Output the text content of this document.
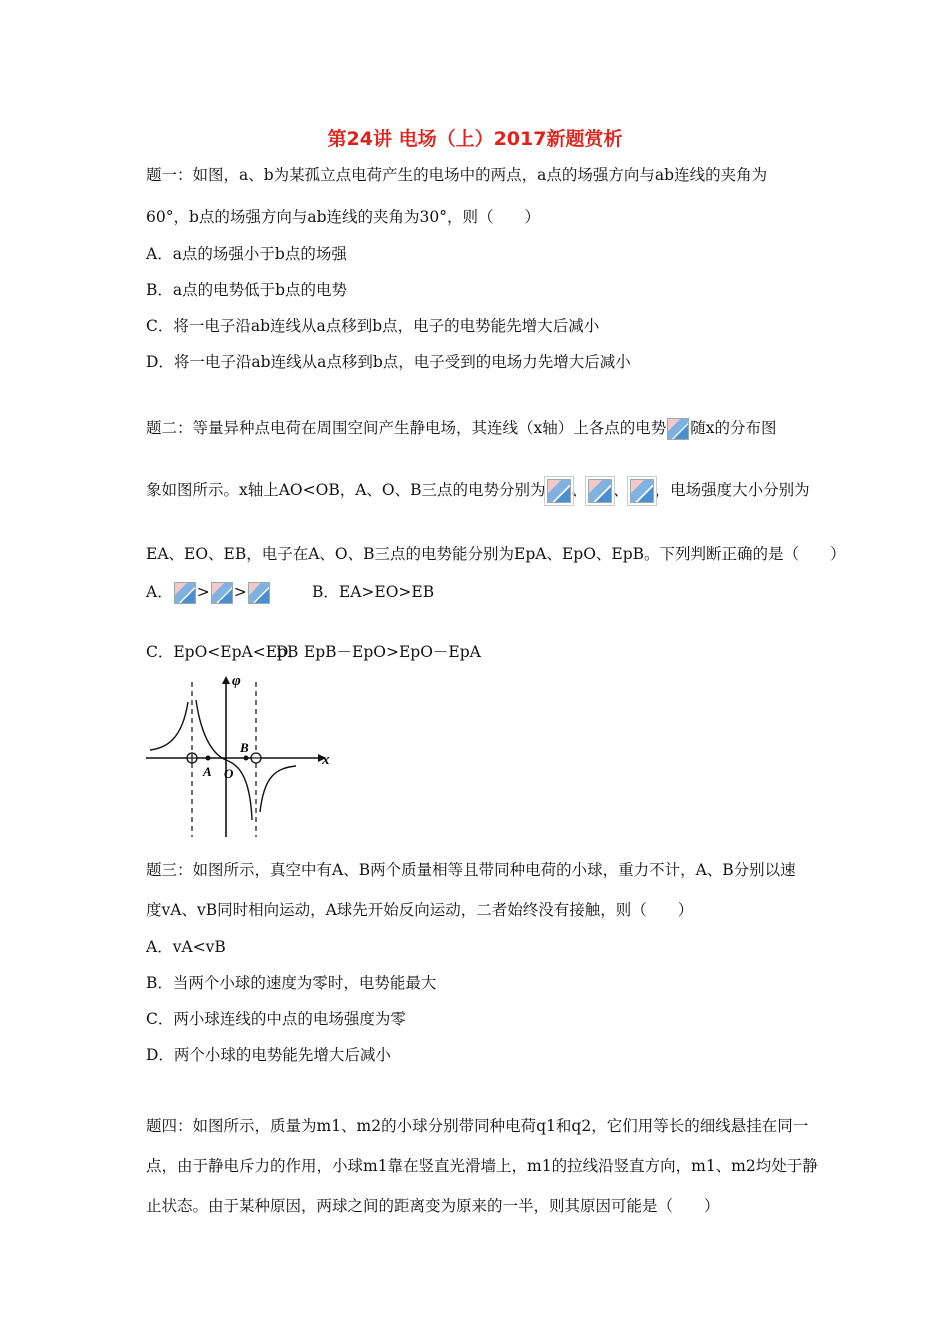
第24讲 电场（上）2017新题赏析
题一：如图，a、b为某孤立点电荷产生的电场中的两点，a点的场强方向与ab连线的夹角为
60°，b点的场强方向与ab连线的夹角为30°，则（　　）
A．a点的场强小于b点的场强
B．a点的电势低于b点的电势
C．将一电子沿ab连线从a点移到b点，电子的电势能先增大后减小
D．将一电子沿ab连线从a点移到b点，电子受到的电场力先增大后减小
题二：等量异种点电荷在周围空间产生静电场，其连线（x轴）上各点的电势 随x的分布图
象如图所示。x轴上AO<OB，A、O、B三点的电势分别为 、 、 ，电场强度大小分别为
EA、EO、EB，电子在A、O、B三点的电势能分别为EpA、EpO、EpB。下列判断正确的是（　　）
A． > >	B．EA>EO>EB
C．EpO<EpA<EpB
D．EpB－EpO>EpO－EpA
φ
x
A O
B
题三：如图所示，真空中有A、B两个质量相等且带同种电荷的小球，重力不计，A、B分别以速
度vA、vB同时相向运动，A球先开始反向运动，二者始终没有接触，则（　　）
A．vA<vB
B．当两个小球的速度为零时，电势能最大
C．两小球连线的中点的电场强度为零
D．两个小球的电势能先增大后减小
题四：如图所示，质量为m1、m2的小球分别带同种电荷q1和q2，它们用等长的细线悬挂在同一
点，由于静电斥力的作用，小球m1靠在竖直光滑墙上，m1的拉线沿竖直方向，m1、m2均处于静
止状态。由于某种原因，两球之间的距离变为原来的一半，则其原因可能是（　　）
